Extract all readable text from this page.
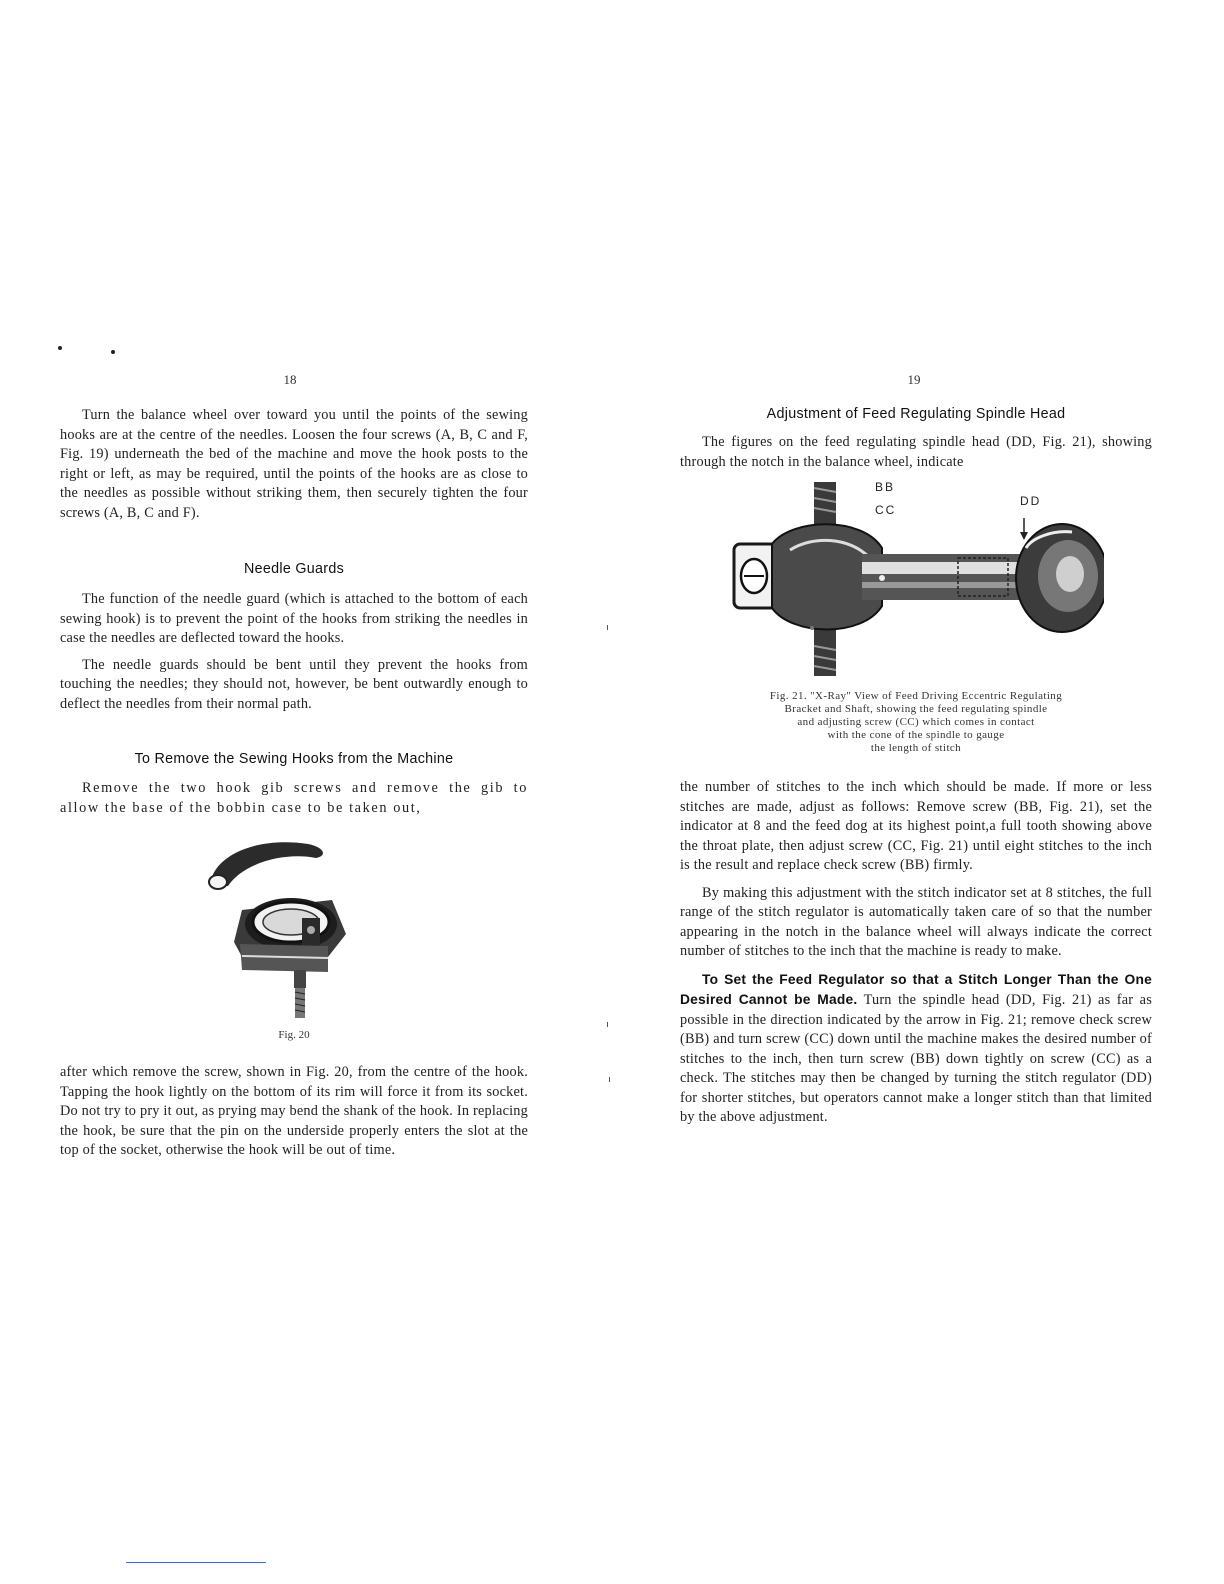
18

Turn the balance wheel over toward you until the points of the sewing hooks are at the centre of the needles. Loosen the four screws (A, B, C and F, Fig. 19) underneath the bed of the machine and move the hook posts to the right or left, as may be required, until the points of the hooks are as close to the needles as possible without striking them, then securely tighten the four screws (A, B, C and F).

Needle Guards

The function of the needle guard (which is attached to the bottom of each sewing hook) is to prevent the point of the hooks from striking the needles in case the needles are deflected toward the hooks.

The needle guards should be bent until they prevent the hooks from touching the needles; they should not, however, be bent outwardly enough to deflect the needles from their normal path.

To Remove the Sewing Hooks from the Machine

Remove the two hook gib screws and remove the gib to allow the base of the bobbin case to be taken out,

Fig. 20

after which remove the screw, shown in Fig. 20, from the centre of the hook. Tapping the hook lightly on the bottom of its rim will force it from its socket. Do not try to pry it out, as prying may bend the shank of the hook. In replacing the hook, be sure that the pin on the underside properly enters the slot at the top of the socket, otherwise the hook will be out of time.

19
Adjustment of Feed Regulating Spindle Head

The figures on the feed regulating spindle head (DD, Fig. 21), showing through the notch in the balance wheel, indicate

BB
CC
DD
Fig. 21. "X-Ray" View of Feed Driving Eccentric Regulating
Bracket and Shaft, showing the feed regulating spindle
and adjusting screw (CC) which comes in contact
with the cone of the spindle to gauge
the length of stitch

the number of stitches to the inch which should be made. If more or less stitches are made, adjust as follows: Remove screw (BB, Fig. 21), set the indicator at 8 and the feed dog at its highest point,a full tooth showing above the throat plate, then adjust screw (CC, Fig. 21) until eight stitches to the inch is the result and replace check screw (BB) firmly.

By making this adjustment with the stitch indicator set at 8 stitches, the full range of the stitch regulator is automatically taken care of so that the number appearing in the notch in the balance wheel will always indicate the correct number of stitches to the inch that the machine is ready to make.

To Set the Feed Regulator so that a Stitch Longer Than the One Desired Cannot be Made. Turn the spindle head (DD, Fig. 21) as far as possible in the direction indicated by the arrow in Fig. 21; remove check screw (BB) and turn screw (CC) down until the machine makes the desired number of stitches to the inch, then turn screw (BB) down tightly on screw (CC) as a check. The stitches may then be changed by turning the stitch regulator (DD) for shorter stitches, but operators cannot make a longer stitch than that limited by the above adjustment.
